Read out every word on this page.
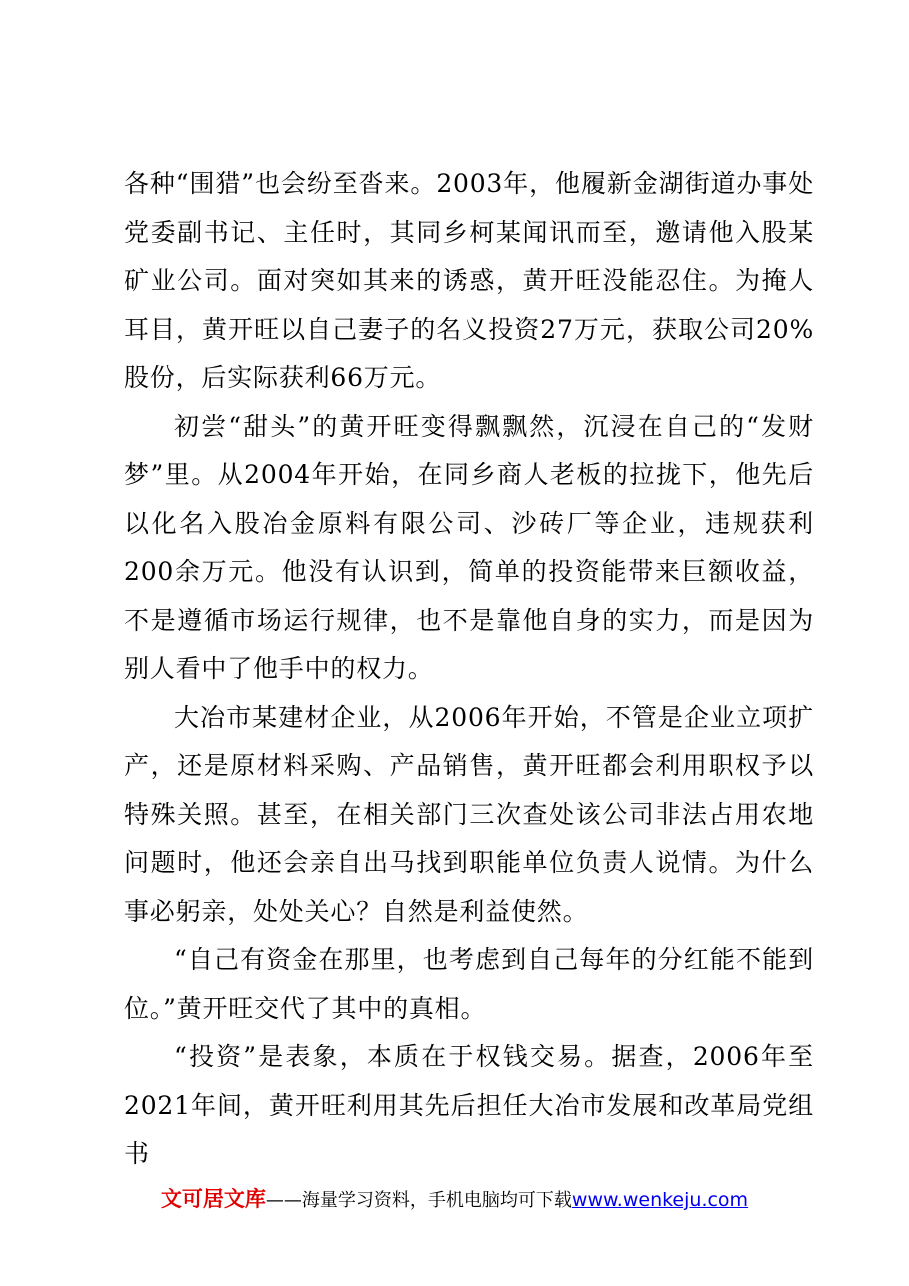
各种“围猎”也会纷至沓来。2003年，他履新金湖街道办事处党委副书记、主任时，其同乡柯某闻讯而至，邀请他入股某矿业公司。面对突如其来的诱惑，黄开旺没能忍住。为掩人耳目，黄开旺以自己妻子的名义投资27万元，获取公司20%股份，后实际获利66万元。

初尝“甜头”的黄开旺变得飘飘然，沉浸在自己的“发财梦”里。从2004年开始，在同乡商人老板的拉拢下，他先后以化名入股冶金原料有限公司、沙砖厂等企业，违规获利200余万元。他没有认识到，简单的投资能带来巨额收益，不是遵循市场运行规律，也不是靠他自身的实力，而是因为别人看中了他手中的权力。

大冶市某建材企业，从2006年开始，不管是企业立项扩产，还是原材料采购、产品销售，黄开旺都会利用职权予以特殊关照。甚至，在相关部门三次查处该公司非法占用农地问题时，他还会亲自出马找到职能单位负责人说情。为什么事必躬亲，处处关心？自然是利益使然。

“自己有资金在那里，也考虑到自己每年的分红能不能到位。”黄开旺交代了其中的真相。

“投资”是表象，本质在于权钱交易。据查，2006年至2021年间，黄开旺利用其先后担任大冶市发展和改革局党组书

文可居文库——海量学习资料，手机电脑均可下载www.wenkeju.com
